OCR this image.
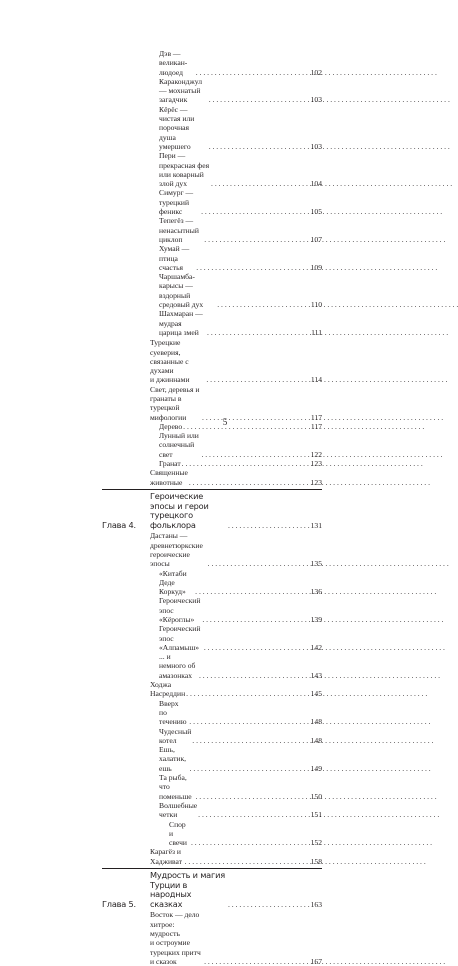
Дэв — великан-людоед . . .	102
Караконджул — мохнатый загадчик . . .	103
Кёрёс — чистая или порочная душа
умершего . . .	103
Пери — прекрасная фея или коварный
злой дух . . .	104
Симург — турецкий феникс . . .	105
Тепегёз — ненасытный циклоп . . .	107
Хумай — птица счастья . . .	109
Чаршамба-карысы — вздорный средовый дух . . .	110
Шахмаран — мудрая царица змей . . .	111
Турецкие суеверия, связанные с духами
и джиннами . . .	114
Свет, деревья и гранаты в турецкой
мифологии . . .	117
Дерево . . .	117
Лунный или солнечный свет . . .	122
Гранат . . .	123
Священные животные . . .	123
Глава 4.
Героические эпосы и герои турецкого
фольклора	. . . . . . . . . . . . . . . . . . . . . . 131
Дастаны — древнетюркские героические
эпосы . . .	135
«Китаби Деде Коркуд» . . .	136
Героический эпос «Кёроглы» . . .	139
Героический эпос «Алпамыш» . . .	142
... и немного об амазонках . . .	143
Ходжа Насреддин . . .	145
Вверх по течению . . .	148
Чудесный котел . . .	148
Ешь, халатик, ешь . . .	149
Та рыба, что поменьше . . .	150
Волшебные четки . . .	151
Спор и свечи . . .	152
Карагёз и Хадживат . . .	158
Глава 5.
Мудрость и магия Турции в народных
сказках	. . . . . . . . . . . . . . . . . . . . . . 163
Восток — дело хитрое: мудрость
и остроумие турецких притч и сказок . . .	167
5
